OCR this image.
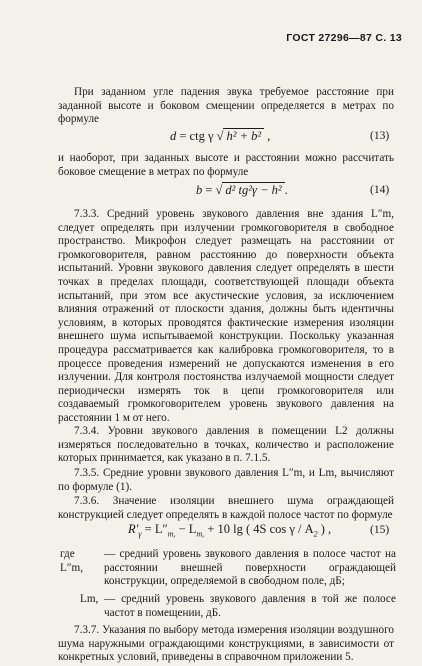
ГОСТ 27296—87 С. 13

При заданном угле падения звука требуемое расстояние при заданной высоте и боковом смещении определяется в метрах по формуле

d = ctg γ √ h² + b² ,	(13)

и наоборот, при заданных высоте и расстоянии можно рассчитать боковое смещение в метрах по формуле

b = √ d² tg²γ − h² .	(14)

7.3.3. Средний уровень звукового давления вне здания L″m, следует определять при излучении громкоговорителя в свободное пространство. Микрофон следует размещать на расстоянии от громкоговорителя, равном расстоянию до поверхности объекта испытаний. Уровни звукового давления следует определять в шести точках в пределах площади, соответствующей площади объекта испытаний, при этом все акустические условия, за исключением влияния отражений от плоскости здания, должны быть идентичны условиям, в которых проводятся фактические измерения изоляции внешнего шума испытываемой конструкции. Поскольку указанная процедура рассматривается как калибровка громкоговорителя, то в процессе проведения измерений не допускаются изменения в его излучении. Для контроля постоянства излучаемой мощности следует периодически измерять ток в цепи громкоговорителя или создаваемый громкоговорителем уровень звукового давления на расстоянии 1 м от него.

7.3.4. Уровни звукового давления в помещении L2 должны измеряться последовательно в точках, количество и расположение которых принимается, как указано в п. 7.1.5.

7.3.5. Средние уровни звукового давления L″m, и Lm, вычисляют по формуле (1).

7.3.6. Значение изоляции внешнего шума ограждающей конструкцией следует определять в каждой полосе частот по формуле

$R'_\gamma = L''_{m,} - L_{m,} + 10$ lg ( 4S cos γ / $A_2$ ) ,	(15)
где L″m,
— средний уровень звукового давления в полосе частот на расстоянии внешней поверхности ограждающей конструкции, определяемой в свободном поле, дБ;
Lm, — средний уровень звукового давления в той же полосе частот в помещении, дБ.

7.3.7. Указания по выбору метода измерения изоляции воздушного шума наружными ограждающими конструкциями, в зависимости от конкретных условий, приведены в справочном приложении 5.
